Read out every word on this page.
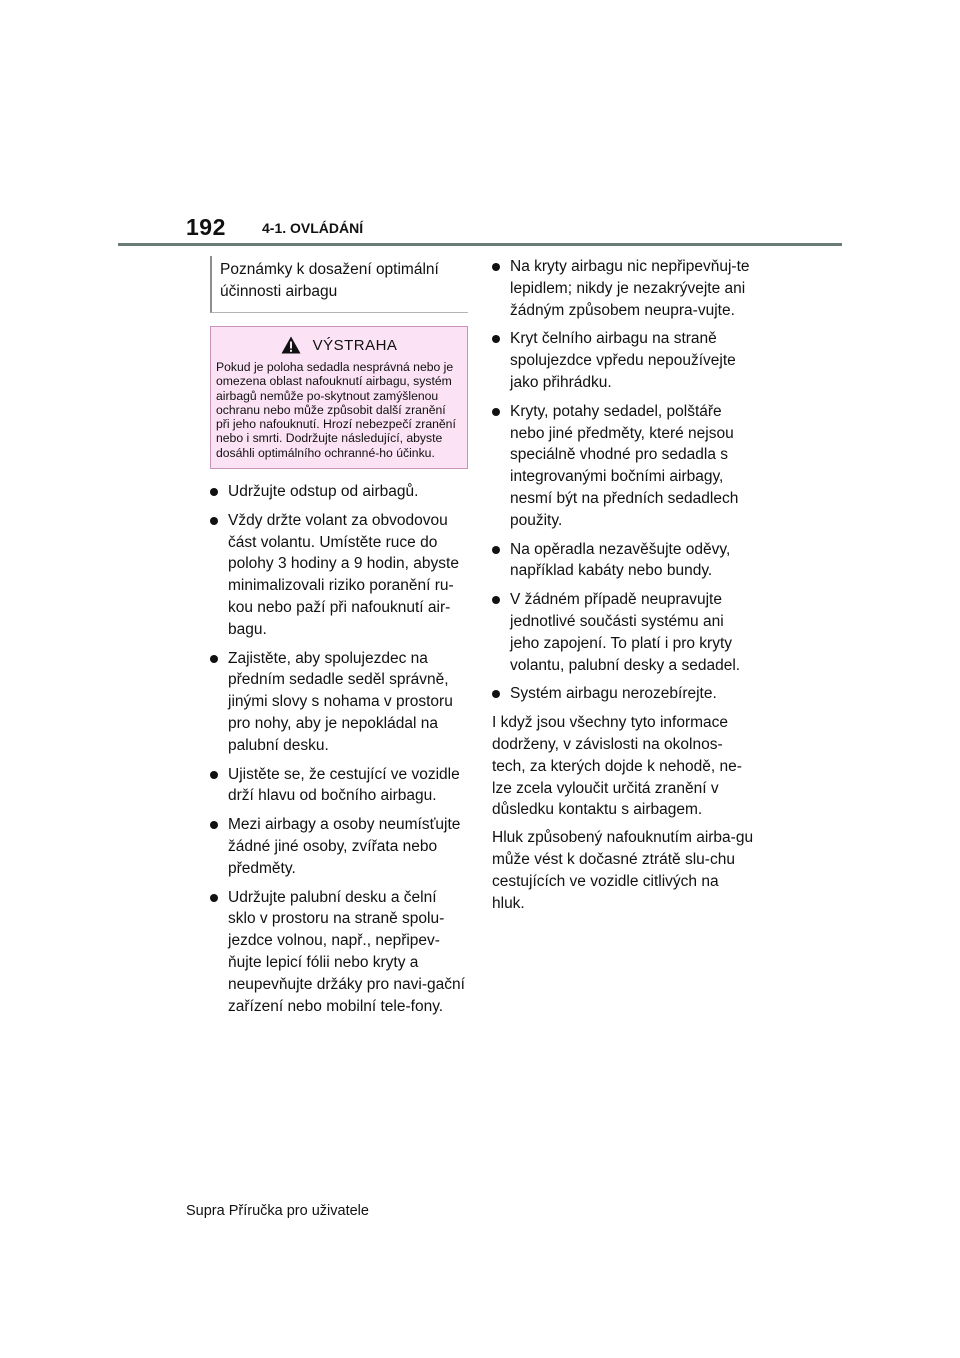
192	4-1. OVLÁDÁNÍ
Poznámky k dosažení optimální účinnosti airbagu
VÝSTRAHA
Pokud je poloha sedadla nesprávná nebo je omezena oblast nafouknutí airbagu, systém airbagů nemůže po-skytnout zamýšlenou ochranu nebo může způsobit další zranění při jeho nafouknutí. Hrozí nebezpečí zranění nebo i smrti. Dodržujte následující, abyste dosáhli optimálního ochranné-ho účinku.
Udržujte odstup od airbagů.
Vždy držte volant za obvodovou část volantu. Umístěte ruce do polohy 3 hodiny a 9 hodin, abyste minimalizovali riziko poranění ru-kou nebo paží při nafouknutí air-bagu.
Zajistěte, aby spolujezdec na předním sedadle seděl správně, jinými slovy s nohama v prostoru pro nohy, aby je nepokládal na palubní desku.
Ujistěte se, že cestující ve vozidle drží hlavu od bočního airbagu.
Mezi airbagy a osoby neumísťujte žádné jiné osoby, zvířata nebo předměty.
Udržujte palubní desku a čelní sklo v prostoru na straně spolu-jezdce volnou, např., nepřipev-ňujte lepicí fólii nebo kryty a neupevňujte držáky pro navi-gační zařízení nebo mobilní tele-fony.
Na kryty airbagu nic nepřipevňuj-te lepidlem; nikdy je nezakrývejte ani žádným způsobem neupra-vujte.
Kryt čelního airbagu na straně spolujezdce vpředu nepoužívejte jako přihrádku.
Kryty, potahy sedadel, polštáře nebo jiné předměty, které nejsou speciálně vhodné pro sedadla s integrovanými bočními airbagy, nesmí být na předních sedadlech použity.
Na opěradla nezavěšujte oděvy, například kabáty nebo bundy.
V žádném případě neupravujte jednotlivé součásti systému ani jeho zapojení. To platí i pro kryty volantu, palubní desky a sedadel.
Systém airbagu nerozebírejte.

I když jsou všechny tyto informace dodrženy, v závislosti na okolnos-tech, za kterých dojde k nehodě, ne-lze zcela vyloučit určitá zranění v důsledku kontaktu s airbagem.

Hluk způsobený nafouknutím airba-gu může vést k dočasné ztrátě slu-chu cestujících ve vozidle citlivých na hluk.

Supra Příručka pro uživatele
